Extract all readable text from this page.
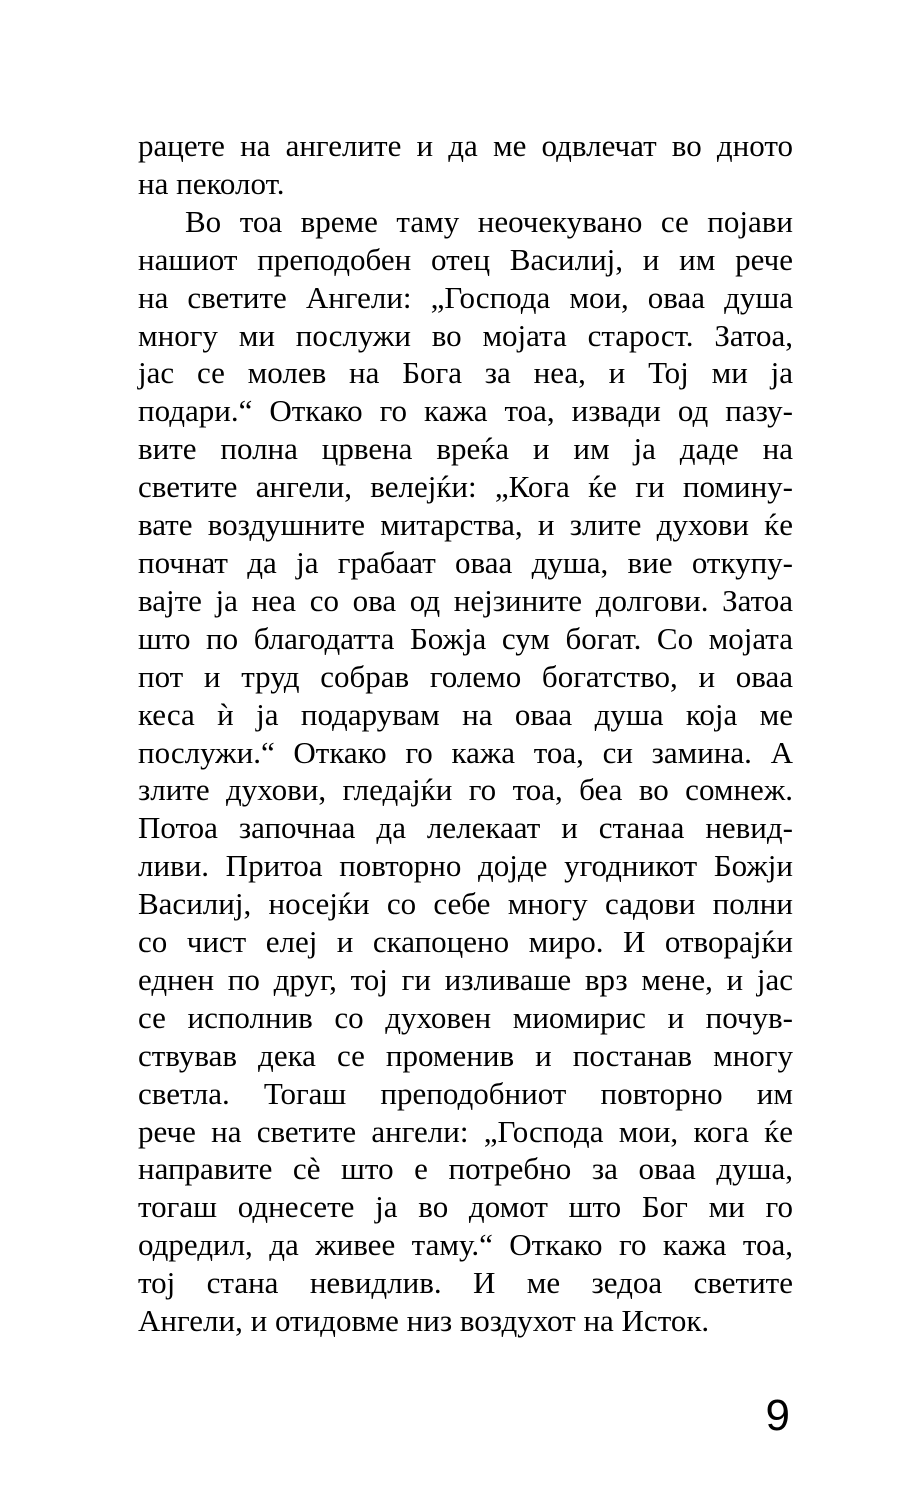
рацете на ангелите и да ме одвлечат во дното
на пеколот.
Во тоа време таму неочекувано се појави
нашиот преподобен отец Василиј, и им рече
на светите Ангели: „Господа мои, оваа душа
многу ми послужи во мојата старост. Затоа,
јас се молев на Бога за неа, и Тој ми ја
подари.“ Откако го кажа тоа, извади од пазу-
вите полна црвена вреќа и им ја даде на
светите ангели, велејќи: „Кога ќе ги помину-
вате воздушните митарства, и злите духови ќе
почнат да ја грабаат оваа душа, вие откупу-
вајте ја неа со ова од нејзините долгови. Затоа
што по благодатта Божја сум богат. Со мојата
пот и труд собрав големо богатство, и оваа
кеса ѝ ја подарувам на оваа душа која ме
послужи.“ Откако го кажа тоа, си замина. А
злите духови, гледајќи го тоа, беа во сомнеж.
Потоа започнаа да лелекаат и станаа невид-
ливи. Притоа повторно дојде угодникот Божји
Василиј, носејќи со себе многу садови полни
со чист елеј и скапоцено миро. И отворајќи
еднен по друг, тој ги изливаше врз мене, и јас
се исполнив со духовен миомирис и почув-
ствував дека се променив и постанав многу
светла. Тогаш преподобниот повторно им
рече на светите ангели: „Господа мои, кога ќе
направите сѐ што е потребно за оваа душа,
тогаш однесете ја во домот што Бог ми го
одредил, да живее таму.“ Откако го кажа тоа,
тој стана невидлив. И ме зедоа светите
Ангели, и отидовме низ воздухот на Исток.
9
